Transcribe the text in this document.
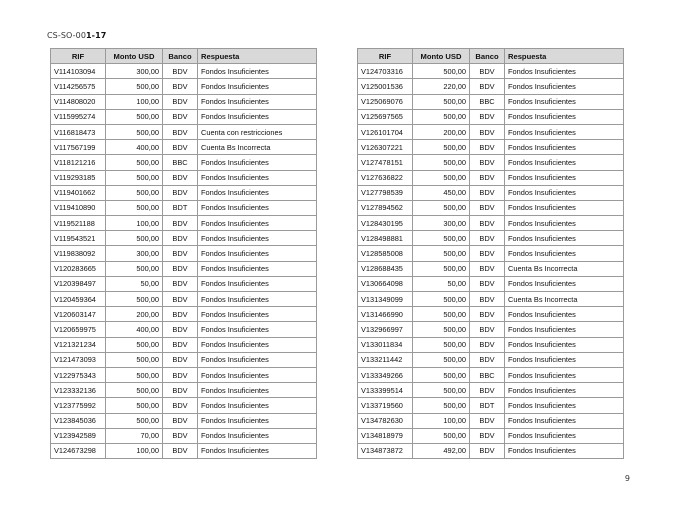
CS-SO-001-17
RIF	Monto USD	Banco	Respuesta
V114103094	300,00	BDV	Fondos Insuficientes
V114256575	500,00	BDV	Fondos Insuficientes
V114808020	100,00	BDV	Fondos Insuficientes
V115995274	500,00	BDV	Fondos Insuficientes
V116818473	500,00	BDV	Cuenta con restricciones
V117567199	400,00	BDV	Cuenta Bs Incorrecta
V118121216	500,00	BBC	Fondos Insuficientes
V119293185	500,00	BDV	Fondos Insuficientes
V119401662	500,00	BDV	Fondos Insuficientes
V119410890	500,00	BDT	Fondos Insuficientes
V119521188	100,00	BDV	Fondos Insuficientes
V119543521	500,00	BDV	Fondos Insuficientes
V119838092	300,00	BDV	Fondos Insuficientes
V120283665	500,00	BDV	Fondos Insuficientes
V120398497	50,00	BDV	Fondos Insuficientes
V120459364	500,00	BDV	Fondos Insuficientes
V120603147	200,00	BDV	Fondos Insuficientes
V120659975	400,00	BDV	Fondos Insuficientes
V121321234	500,00	BDV	Fondos Insuficientes
V121473093	500,00	BDV	Fondos Insuficientes
V122975343	500,00	BDV	Fondos Insuficientes
V123332136	500,00	BDV	Fondos Insuficientes
V123775992	500,00	BDV	Fondos Insuficientes
V123845036	500,00	BDV	Fondos Insuficientes
V123942589	70,00	BDV	Fondos Insuficientes
V124673298	100,00	BDV	Fondos Insuficientes
RIF	Monto USD	Banco	Respuesta
V124703316	500,00	BDV	Fondos Insuficientes
V125001536	220,00	BDV	Fondos Insuficientes
V125069076	500,00	BBC	Fondos Insuficientes
V125697565	500,00	BDV	Fondos Insuficientes
V126101704	200,00	BDV	Fondos Insuficientes
V126307221	500,00	BDV	Fondos Insuficientes
V127478151	500,00	BDV	Fondos Insuficientes
V127636822	500,00	BDV	Fondos Insuficientes
V127798539	450,00	BDV	Fondos Insuficientes
V127894562	500,00	BDV	Fondos Insuficientes
V128430195	300,00	BDV	Fondos Insuficientes
V128498881	500,00	BDV	Fondos Insuficientes
V128585008	500,00	BDV	Fondos Insuficientes
V128688435	500,00	BDV	Cuenta Bs Incorrecta
V130664098	50,00	BDV	Fondos Insuficientes
V131349099	500,00	BDV	Cuenta Bs Incorrecta
V131466990	500,00	BDV	Fondos Insuficientes
V132966997	500,00	BDV	Fondos Insuficientes
V133011834	500,00	BDV	Fondos Insuficientes
V133211442	500,00	BDV	Fondos Insuficientes
V133349266	500,00	BBC	Fondos Insuficientes
V133399514	500,00	BDV	Fondos Insuficientes
V133719560	500,00	BDT	Fondos Insuficientes
V134782630	100,00	BDV	Fondos Insuficientes
V134818979	500,00	BDV	Fondos Insuficientes
V134873872	492,00	BDV	Fondos Insuficientes
9
